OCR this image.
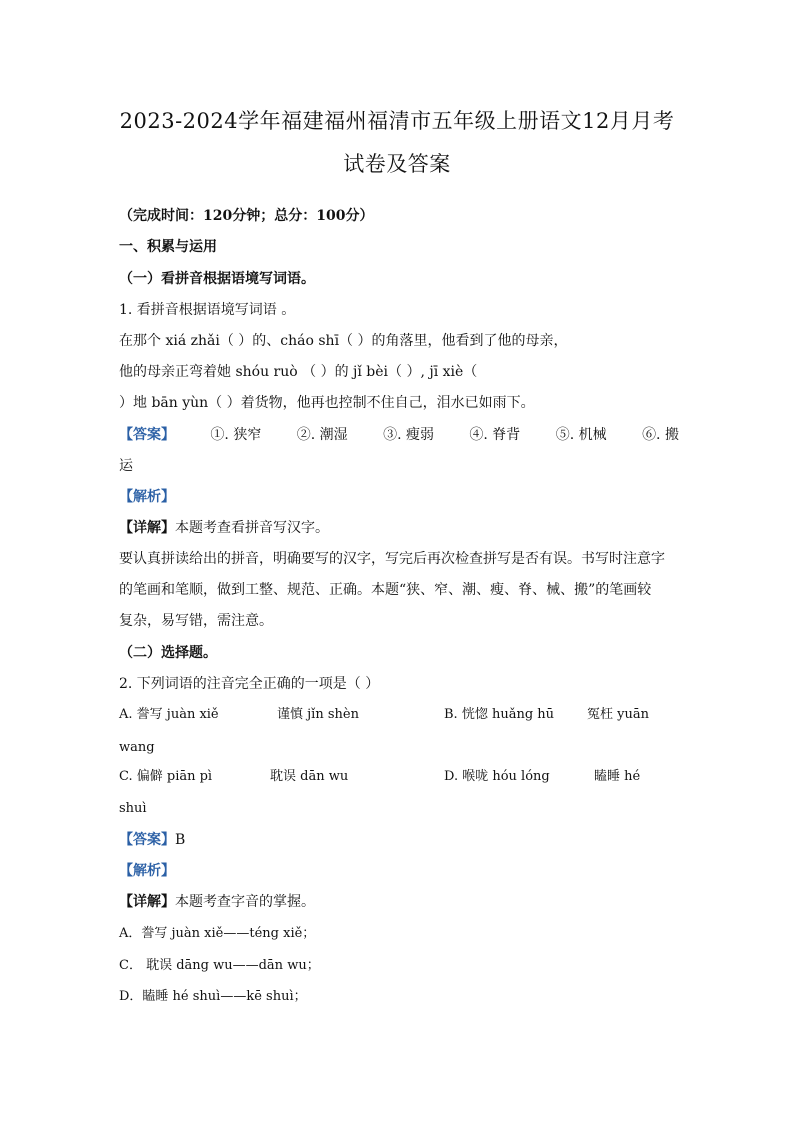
2023-2024学年福建福州福清市五年级上册语文12月月考
试卷及答案
（完成时间：120分钟；总分：100分）
一、积累与运用
（一）看拼音根据语境写词语。
1. 看拼音根据语境写词语 。
在那个 xiá zhǎi（ ）的、cháo shī（ ）的角落里，他看到了他的母亲，
他的母亲正弯着她 shóu ruò （ ）的 jǐ bèi（ ）, jī xiè（
）地 bān yùn（ ）着货物，他再也控制不住自己，泪水已如雨下。
【答案】	①. 狭窄	②. 潮湿	③. 瘦弱	④. 脊背	⑤. 机械	⑥. 搬
运
【解析】
【详解】本题考查看拼音写汉字。
要认真拼读给出的拼音，明确要写的汉字，写完后再次检查拼写是否有误。书写时注意字
的笔画和笔顺，做到工整、规范、正确。本题“狭、窄、潮、瘦、脊、械、搬”的笔画较
复杂，易写错，需注意。
（二）选择题。
2. 下列词语的注音完全正确的一项是（ ）
A. 誊写 juàn xiě	谨慎 jǐn shèn	B. 恍惚 huǎng hū	冤枉 yuān
wang
C. 偏僻 piān pì	耽误 dān wu	D. 喉咙 hóu lóng	瞌睡 hé
shuì
【答案】B
【解析】
【详解】本题考查字音的掌握。
A．誊写 juàn xiě——téng xiě；
C． 耽误 dāng wu——dān wu；
D．瞌睡 hé shuì——kē shuì；
